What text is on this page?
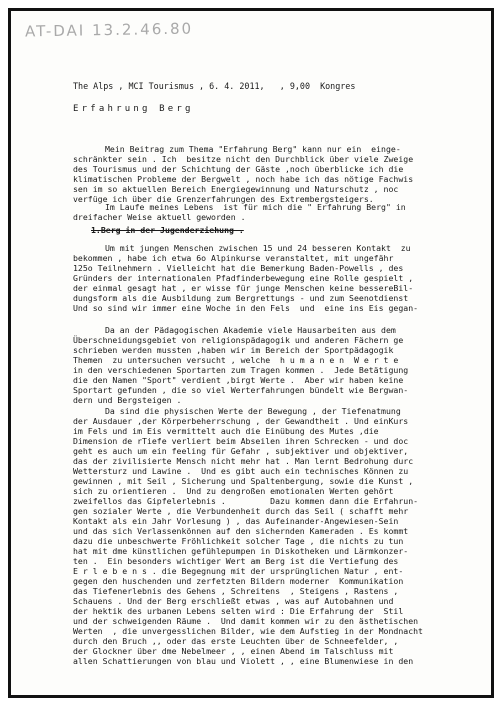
AT-DAI 13.2.46.80
The Alps , MCI Tourismus , 6. 4. 2011,   , 9,00  Kongres
Erfahrung Berg
Mein Beitrag zum Thema "Erfahrung Berg" kann nur ein  einge-
schränkter sein . Ich  besitze nicht den Durchblick über viele Zweige
des Tourismus und der Schichtung der Gäste ,noch überblicke ich die
klimatischen Probleme der Bergwelt , noch habe ich das nötige Fachwis
sen im so aktuellen Bereich Energiegewinnung und Naturschutz , noc
verfüge ich über die Grenzerfahrungen des Extrembergsteigers.
Im Laufe meines Lebens  ist für mich die " Erfahrung Berg" in
dreifacher Weise aktuell geworden .
1.Berg in der Jugenderziehung .
Um mit jungen Menschen zwischen 15 und 24 besseren Kontakt  zu
bekommen , habe ich etwa 6o Alpinkurse veranstaltet, mit ungefähr
125o Teilnehmern . Vielleicht hat die Bemerkung Baden-Powells , des
Gründers der internationalen Pfadfinderbewegung eine Rolle gespielt ,
der einmal gesagt hat , er wisse für junge Menschen keine bessereBil-
dungsform als die Ausbildung zum Bergrettungs - und zum Seenotdienst
Und so sind wir immer eine Woche in den Fels  und  eine ins Eis gegan-
Da an der Pädagogischen Akademie viele Hausarbeiten aus dem
Überschneidungsgebiet von religionspädagogik und anderen Fächern ge
schrieben werden mussten ,haben wir im Bereich der Sportpädagogik
Themen  zu untersuchen versucht , welche  h u m a n e n  W e r t e
in den verschiedenen Sportarten zum Tragen kommen .  Jede Betätigung
die den Namen "Sport" verdient ,birgt Werte .  Aber wir haben keine
Sportart gefunden , die so viel Werterfahrungen bündelt wie Bergwan-
dern und Bergsteigen .
Da sind die physischen Werte der Bewegung , der Tiefenatmung
der Ausdauer ,der Körperbeherrschung , der Gewandtheit . Und einKurs
im Fels und im Eis vermittelt auch die Einübung des Mutes ,die
Dimension de rTiefe verliert beim Abseilen ihren Schrecken - und doc
geht es auch um ein feeling für Gefahr , subjektiver und objektiver,
das der zivilisierte Mensch nicht mehr hat . Man lernt Bedrohung durc
Wettersturz und Lawine .  Und es gibt auch ein technisches Können zu
gewinnen , mit Seil , Sicherung und Spaltenbergung, sowie die Kunst ,
sich zu orientieren .  Und zu dengroßen emotionalen Werten gehört
zweifellos das Gipfelerlebnis .         Dazu kommen dann die Erfahrun-
gen sozialer Werte , die Verbundenheit durch das Seil ( schafft mehr
Kontakt als ein Jahr Vorlesung ) , das Aufeinander-Angewiesen-Sein
und das sich Verlassenkönnen auf den sichernden Kameraden . Es kommt
dazu die unbeschwerte Fröhlichkeit solcher Tage , die nichts zu tun
hat mit dme künstlichen gefühlepumpen in Diskotheken und Lärmkonzer-
ten .  Ein besonders wichtiger Wert am Berg ist die Vertiefung des
E r l e b e n s . die Begegnung mit der ursprünglichen Natur , ent-
gegen den huschenden und zerfetzten Bildern moderner  Kommunikation
das Tiefenerlebnis des Gehens , Schreitens  , Steigens , Rastens ,
Schauens . Und der Berg erschließt etwas , was auf Autobahnen und
der hektik des urbanen Lebens selten wird : Die Erfahrung der  Stil
und der schweigenden Räume .  Und damit kommen wir zu den ästhetischen
Werten  , die unvergesslichen Bilder, wie dem Aufstieg in der Mondnacht
durch den Bruch ,, oder das erste Leuchten über de Schneefelder, ,
der Glockner über dme Nebelmeer , , einen Abend im Talschluss mit
allen Schattierungen von blau und Violett , , eine Blumenwiese in den
